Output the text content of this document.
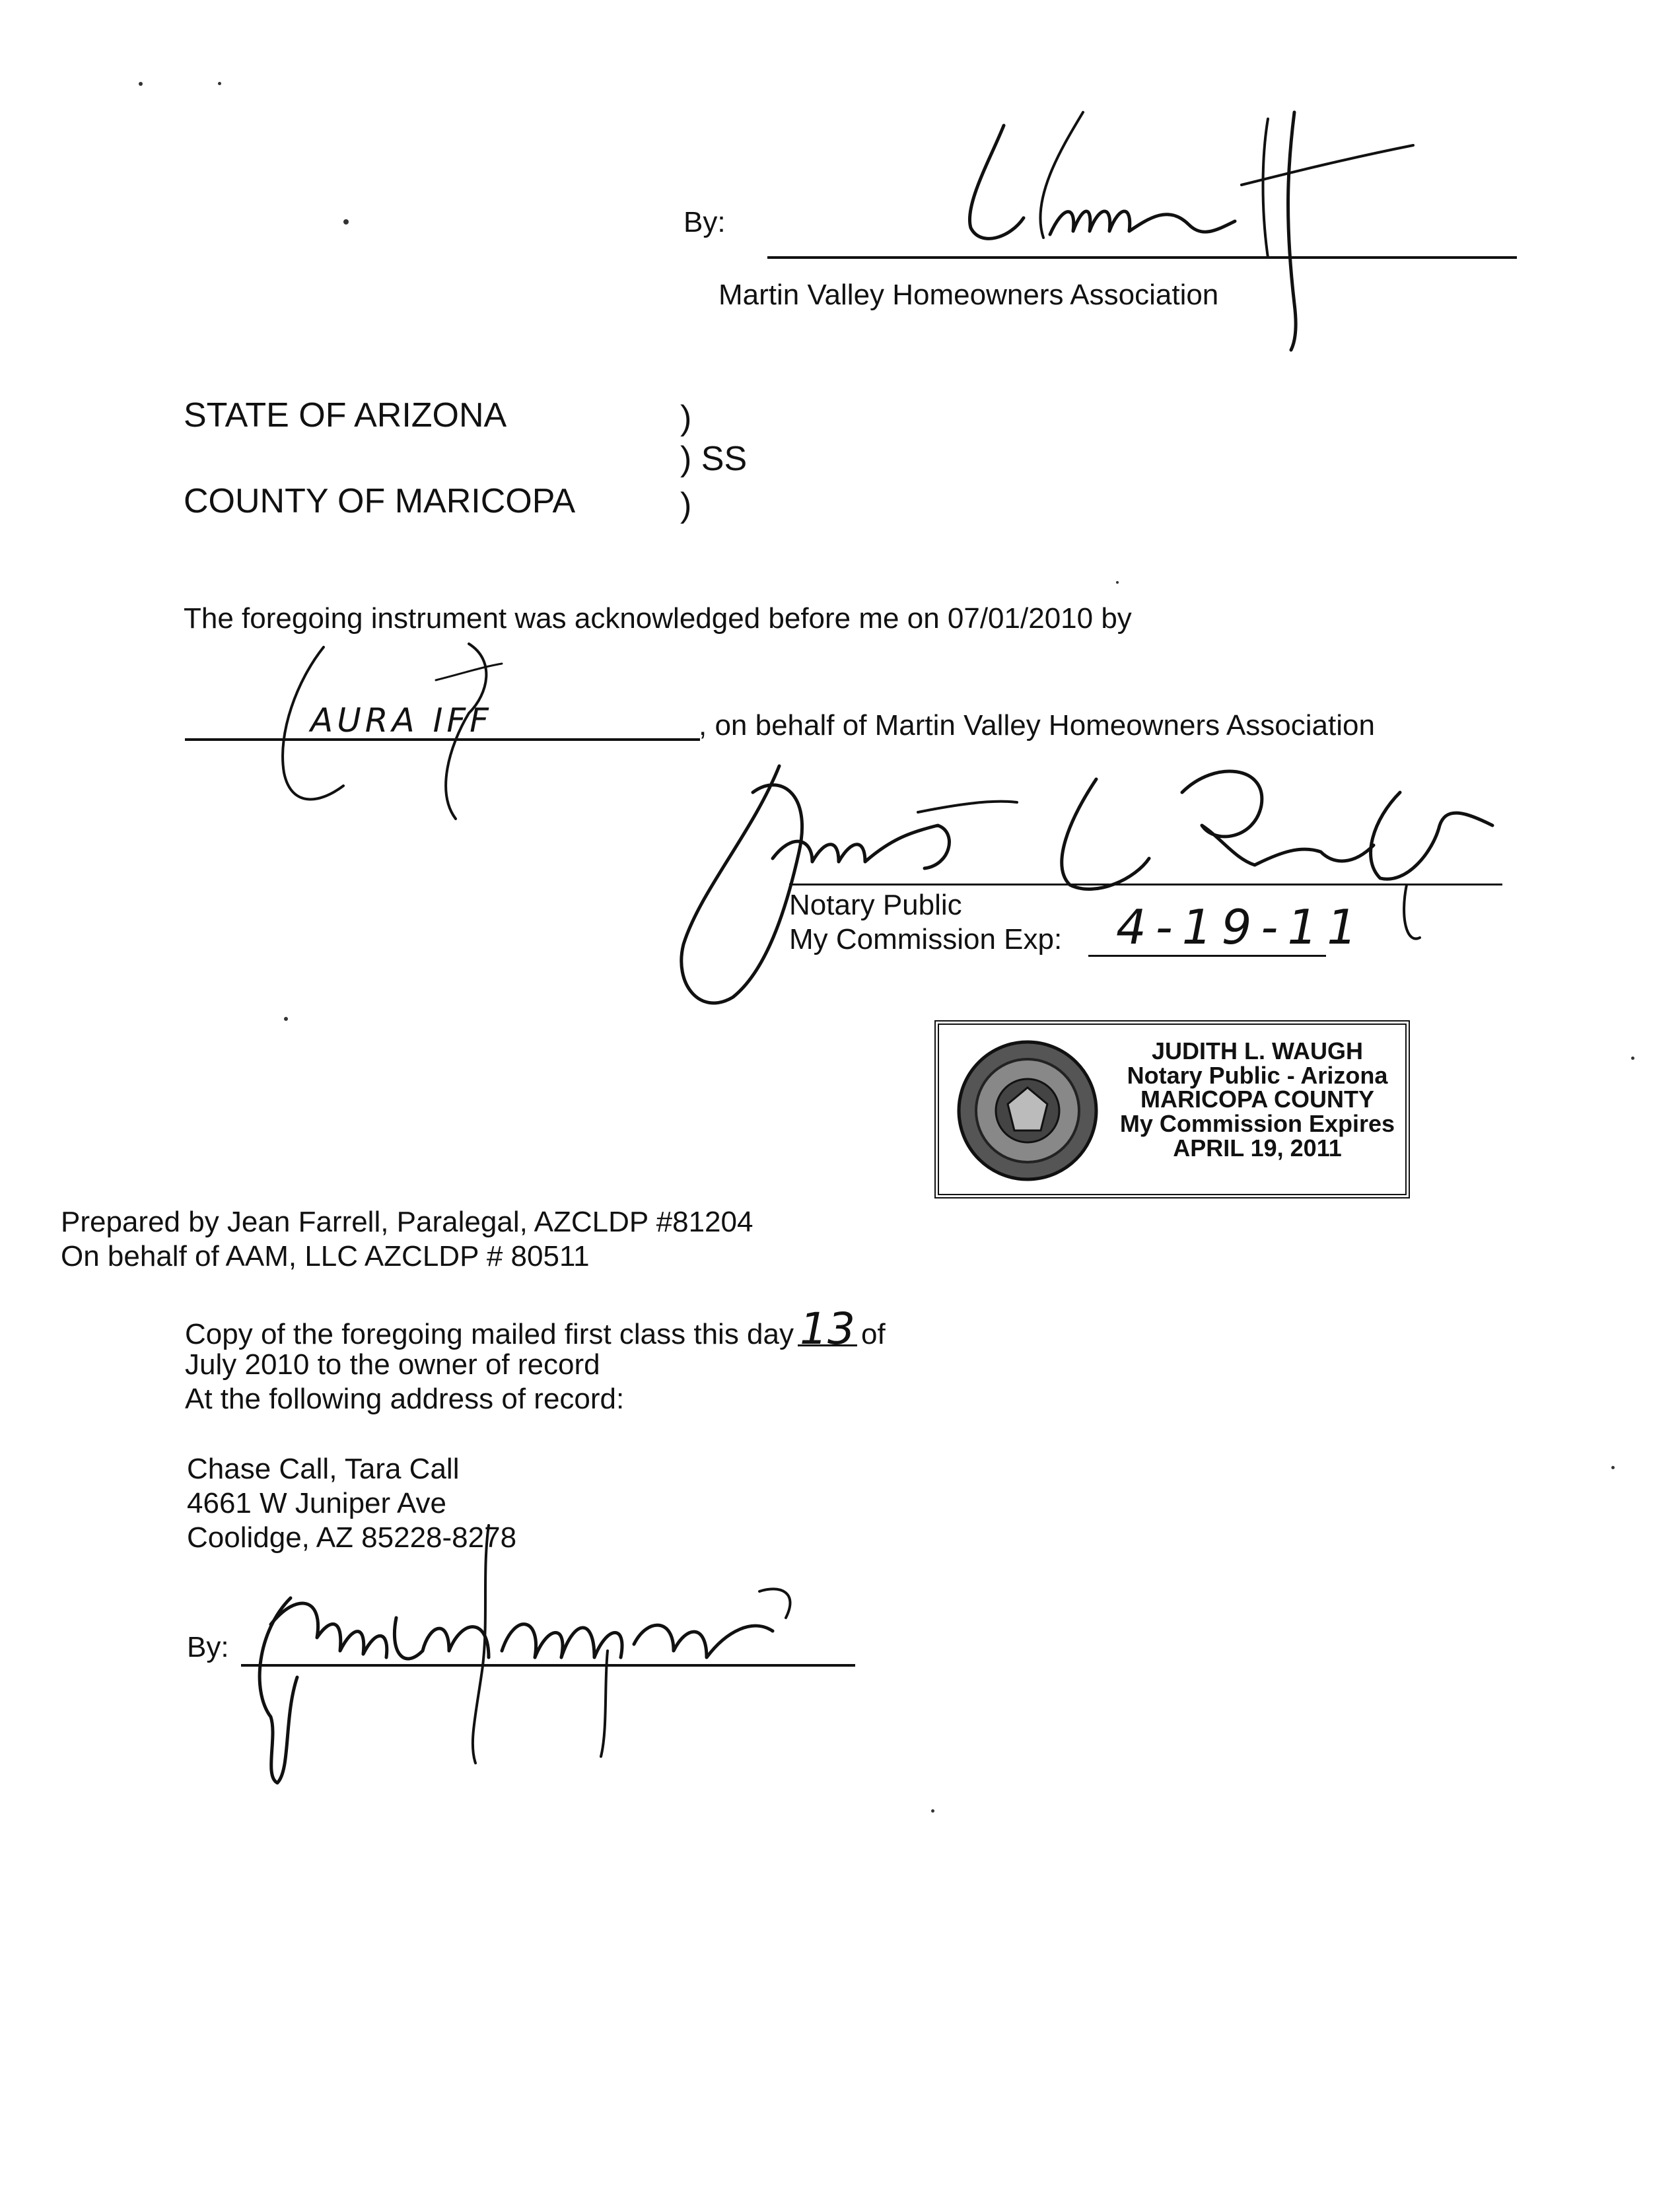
By:
Martin Valley Homeowners Association
STATE OF ARIZONA	)
) SS
COUNTY OF MARICOPA	)
The foregoing instrument was acknowledged before me on 07/01/2010 by
AURA IFF	, on behalf of Martin Valley Homeowners Association
Notary Public
My Commission Exp: 4-19-11
JUDITH L. WAUGH
Notary Public - Arizona
MARICOPA COUNTY
My Commission Expires
APRIL 19, 2011
Prepared by Jean Farrell, Paralegal, AZCLDP #81204
On behalf of AAM, LLC AZCLDP # 80511
Copy of the foregoing mailed first class this day 13 of
July 2010 to the owner of record
At the following address of record:
Chase Call, Tara Call
4661 W Juniper Ave
Coolidge, AZ 85228-8278
By:
